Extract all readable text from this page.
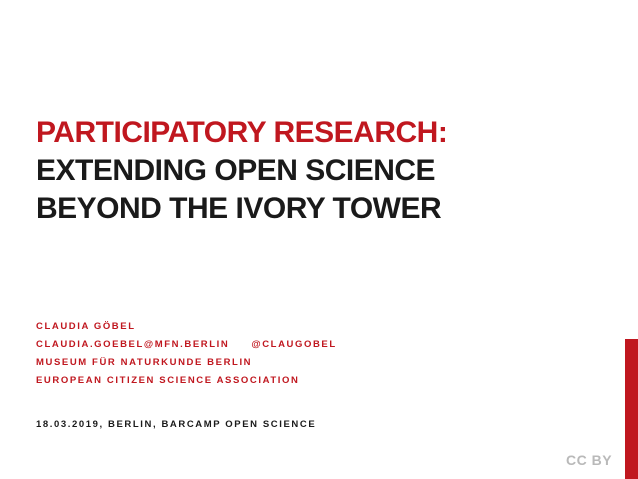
PARTICIPATORY RESEARCH:
EXTENDING OPEN SCIENCE
BEYOND THE IVORY TOWER
CLAUDIA GÖBEL
CLAUDIA.GOEBEL@MFN.BERLIN @CLAUGOBEL
MUSEUM FÜR NATURKUNDE BERLIN
EUROPEAN CITIZEN SCIENCE ASSOCIATION
18.03.2019, BERLIN, BARCAMP OPEN SCIENCE
CC BY
